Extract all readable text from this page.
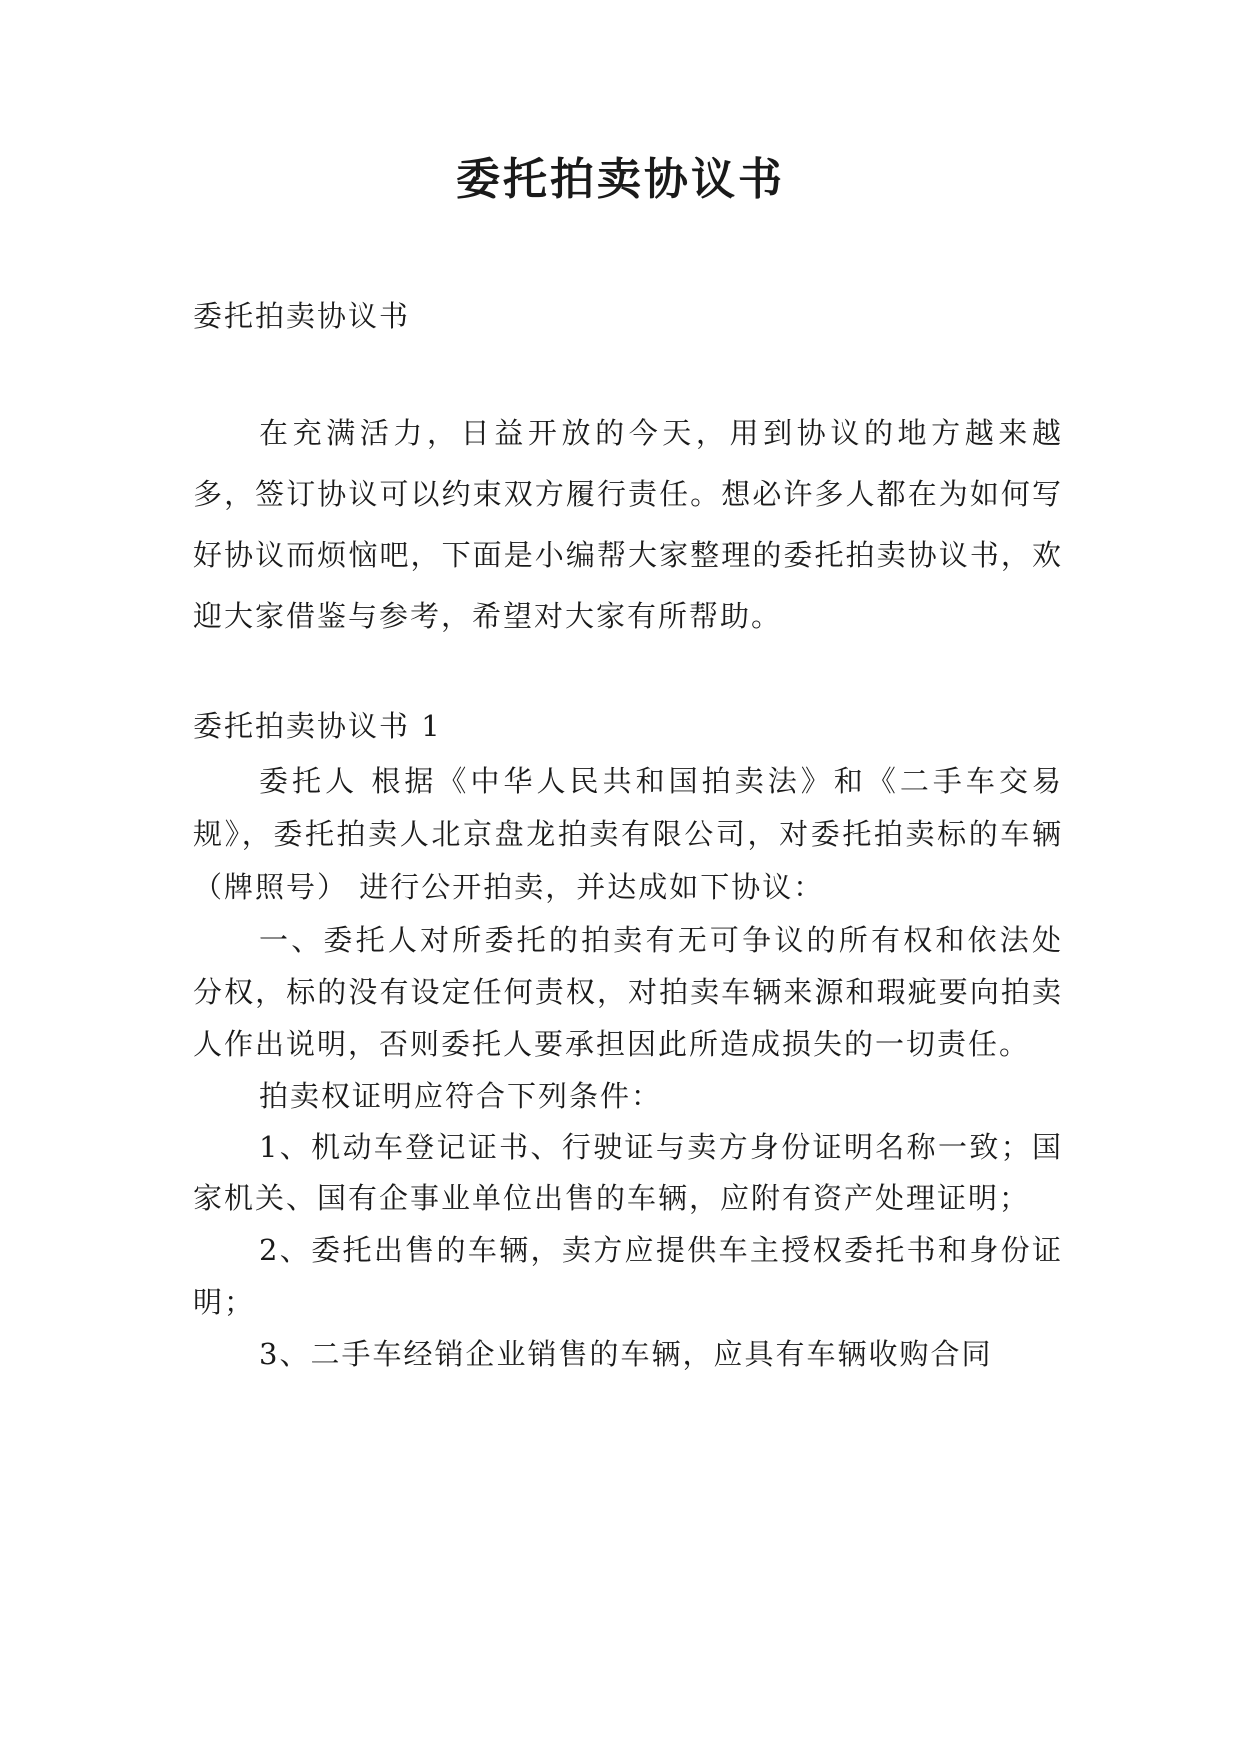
委托拍卖协议书

委托拍卖协议书

在充满活力，日益开放的今天，用到协议的地方越来越多，签订协议可以约束双方履行责任。想必许多人都在为如何写好协议而烦恼吧，下面是小编帮大家整理的委托拍卖协议书，欢迎大家借鉴与参考，希望对大家有所帮助。

委托拍卖协议书 1

委托人 根据《中华人民共和国拍卖法》和《二手车交易规》，委托拍卖人北京盘龙拍卖有限公司，对委托拍卖标的车辆 （牌照号） 进行公开拍卖，并达成如下协议：

一、委托人对所委托的拍卖有无可争议的所有权和依法处分权，标的没有设定任何责权，对拍卖车辆来源和瑕疵要向拍卖人作出说明，否则委托人要承担因此所造成损失的一切责任。

拍卖权证明应符合下列条件：

1、机动车登记证书、行驶证与卖方身份证明名称一致；国家机关、国有企事业单位出售的车辆，应附有资产处理证明；

2、委托出售的车辆，卖方应提供车主授权委托书和身份证明；

3、二手车经销企业销售的车辆，应具有车辆收购合同
